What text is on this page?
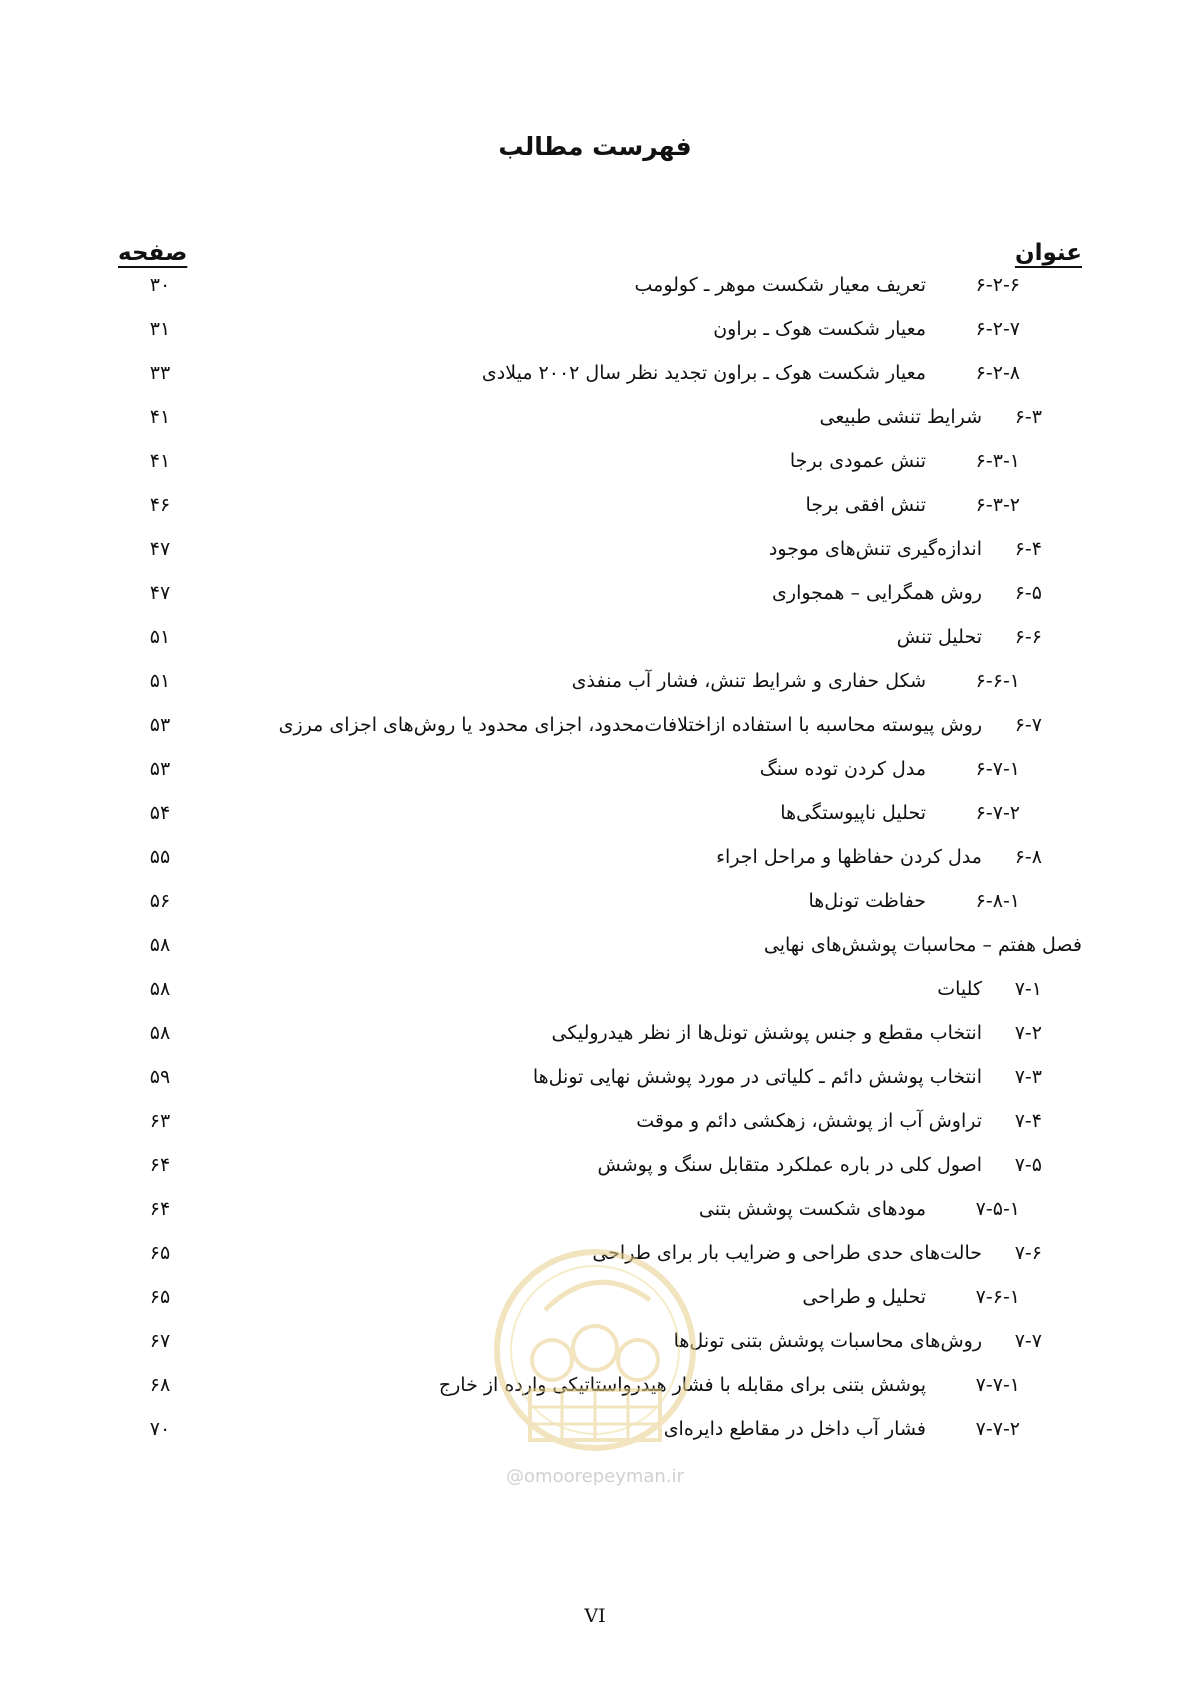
فهرست مطالب
عنوان
صفحه
۶-۲-۶
تعریف معیار شکست موهر ـ کولومب
۳۰
۶-۲-۷
معیار شکست هوک ـ براون
۳۱
۶-۲-۸
معیار شکست هوک ـ براون تجدید نظر سال ۲۰۰۲ میلادی
۳۳
۶-۳
شرایط تنشی طبیعی
۴۱
۶-۳-۱
تنش عمودی برجا
۴۱
۶-۳-۲
تنش افقی برجا
۴۶
۶-۴
اندازه‌گیری تنش‌های موجود
۴۷
۶-۵
روش همگرایی – همجواری
۴۷
۶-۶
تحلیل تنش
۵۱
۶-۶-۱
شکل حفاری و شرایط تنش، فشار آب منفذی
۵۱
۶-۷
روش پیوسته محاسبه با استفاده ازاختلافات‌محدود، اجزای محدود یا روش‌های اجزای مرزی
۵۳
۶-۷-۱
مدل کردن توده سنگ
۵۳
۶-۷-۲
تحلیل ناپیوستگی‌ها
۵۴
۶-۸
مدل کردن حفاظها و مراحل اجراء
۵۵
۶-۸-۱
حفاظت تونل‌ها
۵۶
فصل هفتم – محاسبات پوشش‌های نهایی
۵۸
۷-۱
کلیات
۵۸
۷-۲
انتخاب مقطع و جنس پوشش تونل‌ها از نظر هیدرولیکی
۵۸
۷-۳
انتخاب پوشش دائم ـ کلیاتی در مورد پوشش نهایی تونل‌ها
۵۹
۷-۴
تراوش آب از پوشش، زهکشی دائم و موقت
۶۳
۷-۵
اصول کلی در باره عملکرد متقابل سنگ و پوشش
۶۴
۷-۵-۱
مودهای شکست پوشش بتنی
۶۴
۷-۶
حالت‌های حدی طراحی و ضرایب بار برای طراحی
۶۵
۷-۶-۱
تحلیل و طراحی
۶۵
۷-۷
روش‌های محاسبات پوشش بتنی تونل‌ها
۶۷
۷-۷-۱
پوشش بتنی برای مقابله با فشار هیدرواستاتیکی وارده از خارج
۶۸
۷-۷-۲
فشار آب داخل در مقاطع دایره‌ای
۷۰
@omoorepeyman.ir
VI
